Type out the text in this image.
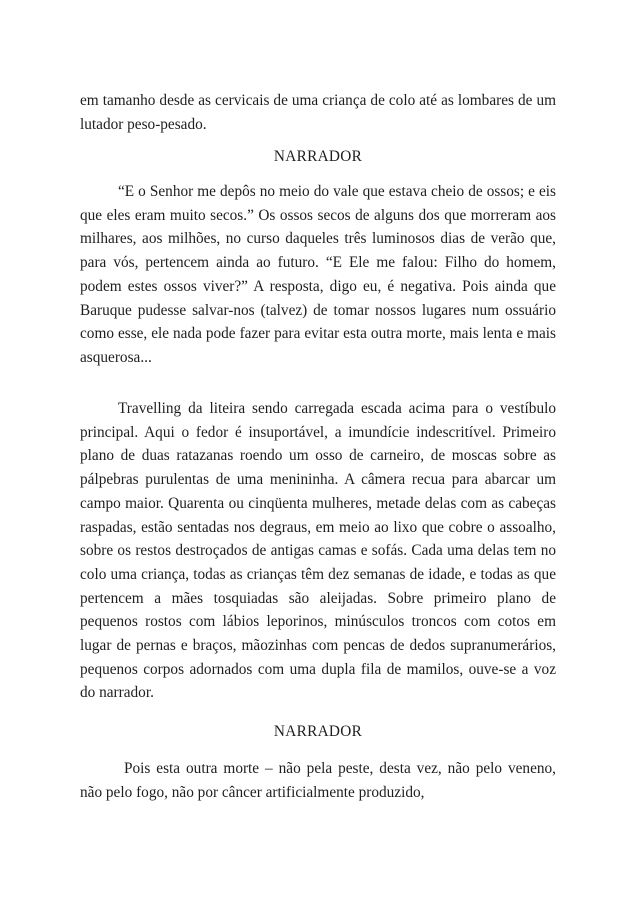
em tamanho desde as cervicais de uma criança de colo até as lombares de um lutador peso-pesado.

NARRADOR

“E o Senhor me depôs no meio do vale que estava cheio de ossos; e eis que eles eram muito secos.” Os ossos secos de alguns dos que morreram aos milhares, aos milhões, no curso daqueles três luminosos dias de verão que, para vós, pertencem ainda ao futuro. “E Ele me falou: Filho do homem, podem estes ossos viver?” A resposta, digo eu, é negativa. Pois ainda que Baruque pudesse salvar-nos (talvez) de tomar nossos lugares num ossuário como esse, ele nada pode fazer para evitar esta outra morte, mais lenta e mais asquerosa...

Travelling da liteira sendo carregada escada acima para o vestíbulo principal. Aqui o fedor é insuportável, a imundície indescritível. Primeiro plano de duas ratazanas roendo um osso de carneiro, de moscas sobre as pálpebras purulentas de uma menininha. A câmera recua para abarcar um campo maior. Quarenta ou cinqüenta mulheres, metade delas com as cabeças raspadas, estão sentadas nos degraus, em meio ao lixo que cobre o assoalho, sobre os restos destroçados de antigas camas e sofás. Cada uma delas tem no colo uma criança, todas as crianças têm dez semanas de idade, e todas as que pertencem a mães tosquiadas são aleijadas. Sobre primeiro plano de pequenos rostos com lábios leporinos, minúsculos troncos com cotos em lugar de pernas e braços, mãozinhas com pencas de dedos supranumerários, pequenos corpos adornados com uma dupla fila de mamilos, ouve-se a voz do narrador.

NARRADOR

Pois esta outra morte – não pela peste, desta vez, não pelo veneno, não pelo fogo, não por câncer artificialmente produzido,
